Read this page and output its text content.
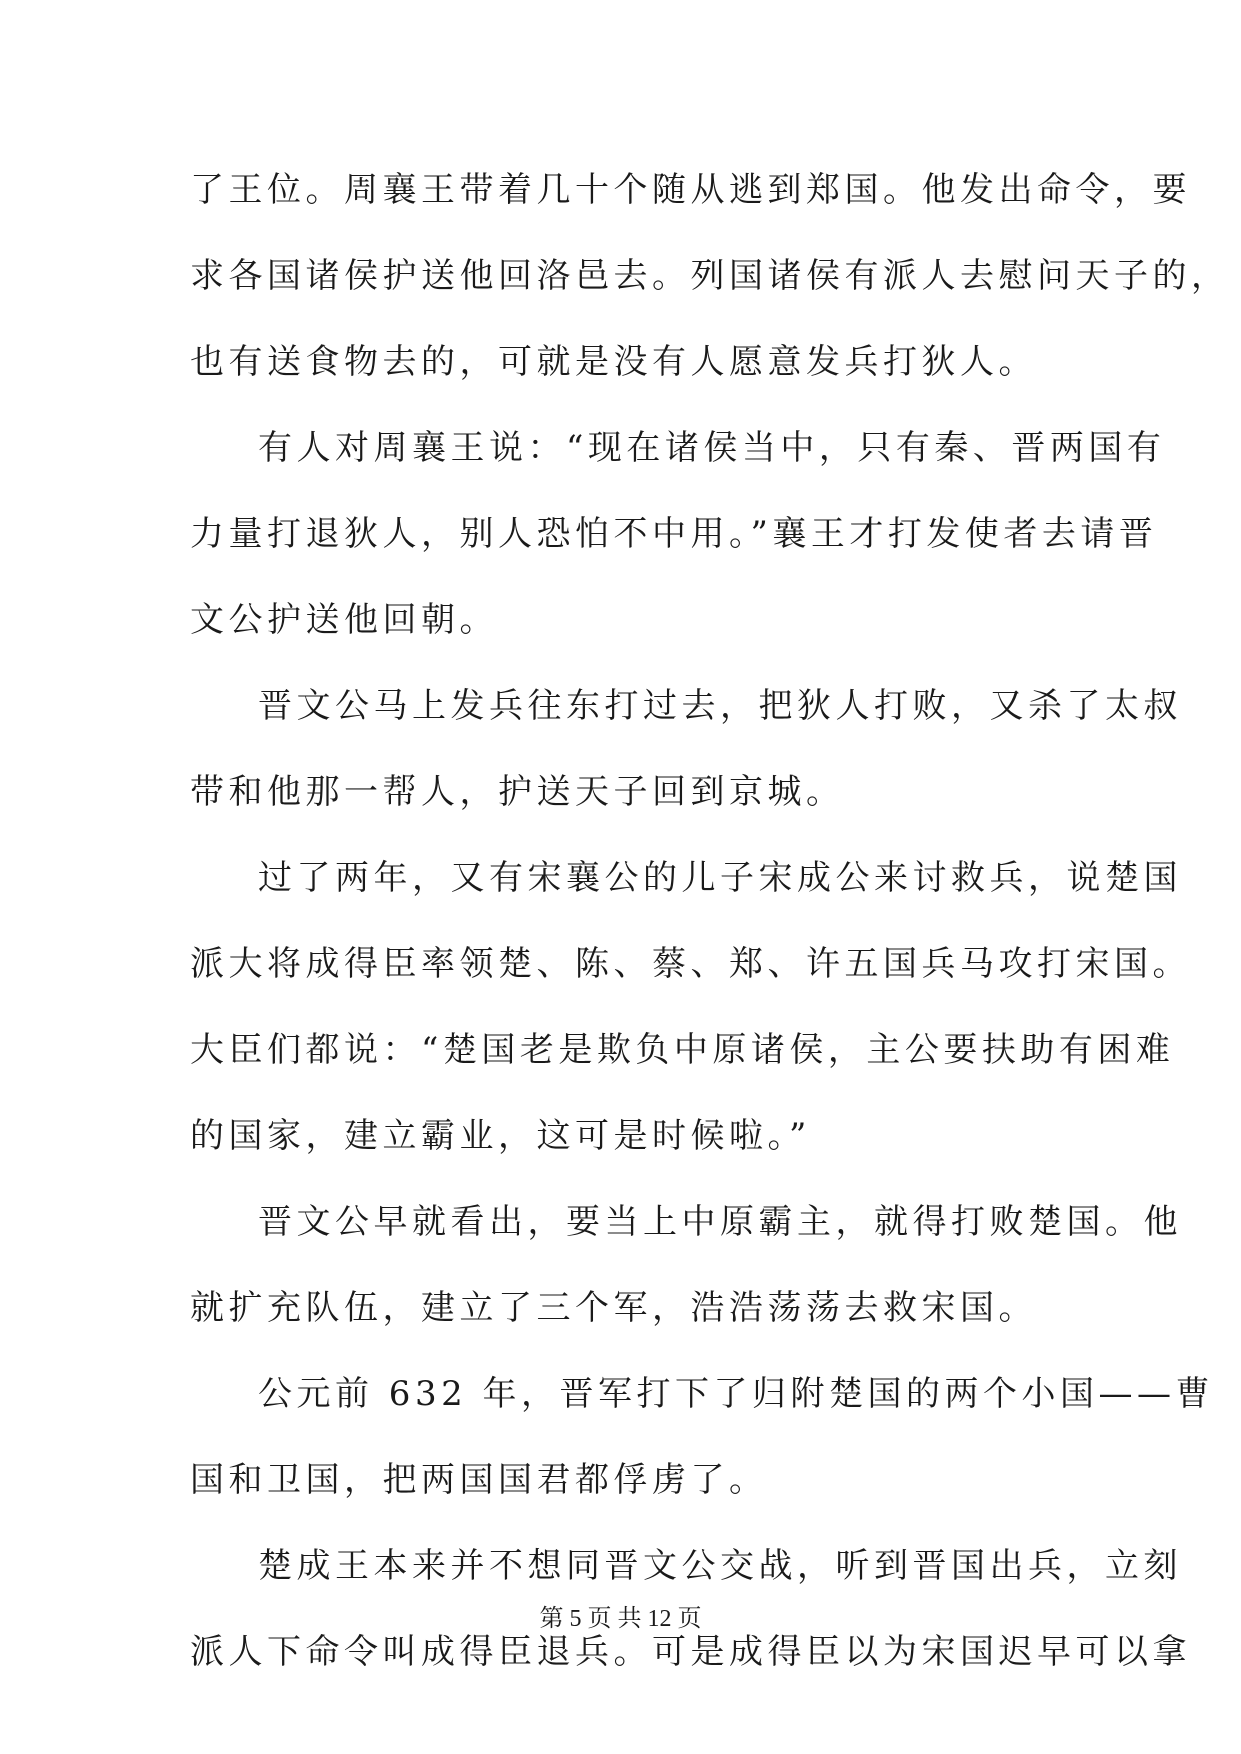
了王位。周襄王带着几十个随从逃到郑国。他发出命令，要
求各国诸侯护送他回洛邑去。列国诸侯有派人去慰问天子的，
也有送食物去的，可就是没有人愿意发兵打狄人。
有人对周襄王说：“现在诸侯当中，只有秦、晋两国有
力量打退狄人，别人恐怕不中用。”襄王才打发使者去请晋
文公护送他回朝。
晋文公马上发兵往东打过去，把狄人打败，又杀了太叔
带和他那一帮人，护送天子回到京城。
过了两年，又有宋襄公的儿子宋成公来讨救兵，说楚国
派大将成得臣率领楚、陈、蔡、郑、许五国兵马攻打宋国。
大臣们都说：“楚国老是欺负中原诸侯，主公要扶助有困难
的国家，建立霸业，这可是时候啦。”
晋文公早就看出，要当上中原霸主，就得打败楚国。他
就扩充队伍，建立了三个军，浩浩荡荡去救宋国。
公元前 632 年，晋军打下了归附楚国的两个小国——曹
国和卫国，把两国国君都俘虏了。
楚成王本来并不想同晋文公交战，听到晋国出兵，立刻
派人下命令叫成得臣退兵。可是成得臣以为宋国迟早可以拿
第 5 页 共 12 页
